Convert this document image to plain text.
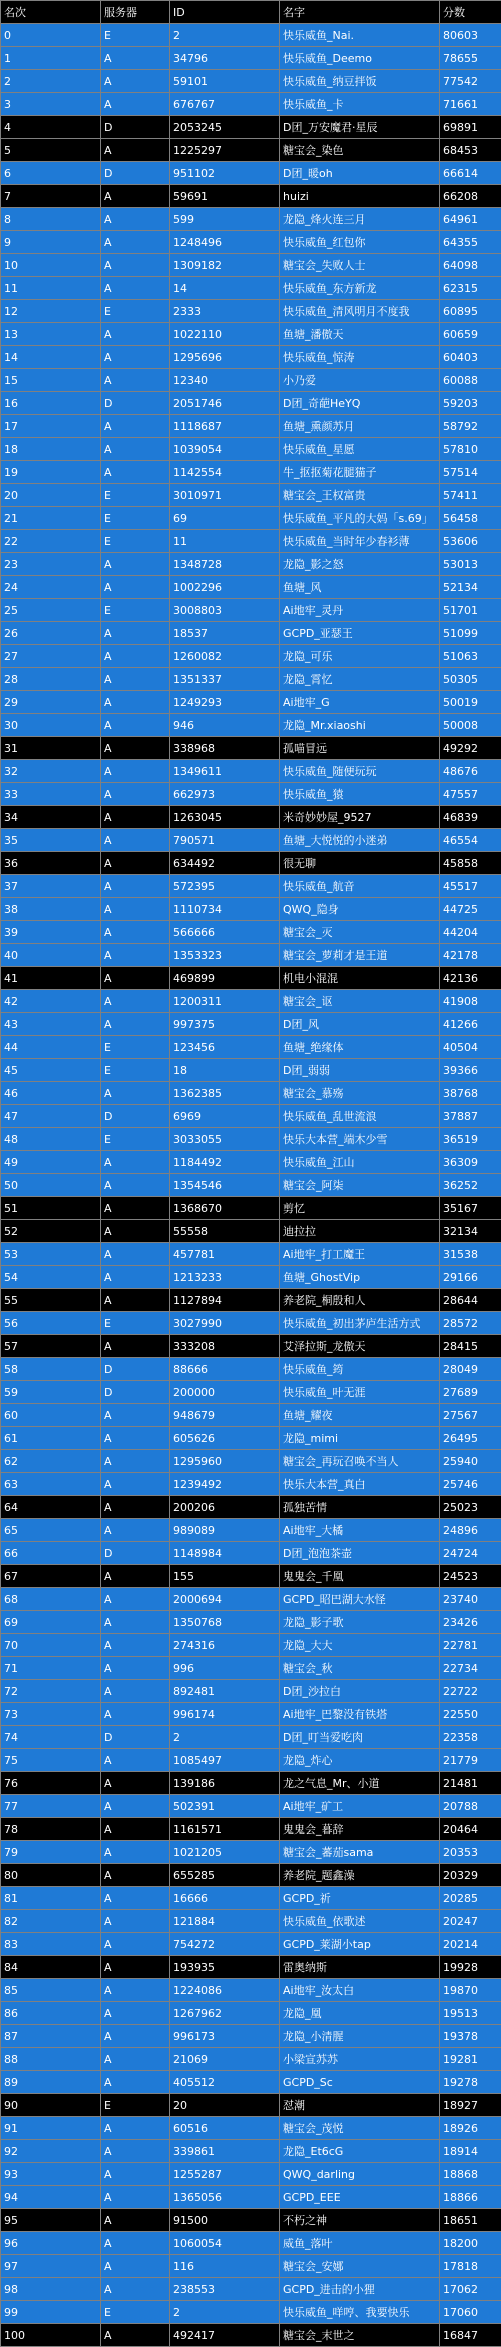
名次	服务器	ID	名字	分数
0	E	2	快乐威鱼_Nai.	80603
1	A	34796	快乐威鱼_Deemo	78655
2	A	59101	快乐威鱼_纳豆拌饭	77542
3	A	676767	快乐威鱼_卡	71661
4	D	2053245	D团_万安魔君·星辰	69891
5	A	1225297	糖宝会_染色	68453
6	D	951102	D团_暖oh	66614
7	A	59691	huizi	66208
8	A	599	龙隐_烽火连三月	64961
9	A	1248496	快乐威鱼_红包你	64355
10	A	1309182	糖宝会_失败人士	64098
11	A	14	快乐威鱼_东方新龙	62315
12	E	2333	快乐威鱼_清风明月不度我	60895
13	A	1022110	鱼塘_潘傲天	60659
14	A	1295696	快乐威鱼_惊涛	60403
15	A	12340	小乃爱	60088
16	D	2051746	D团_奇葩HeYQ	59203
17	A	1118687	鱼塘_熏颜苏月	58792
18	A	1039054	快乐威鱼_星愿	57810
19	A	1142554	牛_抠抠菊花腿猫子	57514
20	E	3010971	糖宝会_王权富贵	57411
21	E	69	快乐威鱼_平凡的大妈「s.69」	56458
22	E	11	快乐威鱼_当时年少春衫薄	53606
23	A	1348728	龙隐_影之怒	53013
24	A	1002296	鱼塘_风	52134
25	E	3008803	Ai地牢_灵丹	51701
26	A	18537	GCPD_亚瑟王	51099
27	A	1260082	龙隐_可乐	51063
28	A	1351337	龙隐_霄忆	50305
29	A	1249293	Ai地牢_G	50019
30	A	946	龙隐_Mr.xiaoshi	50008
31	A	338968	孤喵冒远	49292
32	A	1349611	快乐威鱼_随便玩玩	48676
33	A	662973	快乐威鱼_猿	47557
34	A	1263045	米奇妙妙屋_9527	46839
35	A	790571	鱼塘_大悦悦的小迷弟	46554
36	A	634492	很无聊	45858
37	A	572395	快乐威鱼_航音	45517
38	A	1110734	QWQ_隐身	44725
39	A	566666	糖宝会_灭	44204
40	A	1353323	糖宝会_萝莉才是王道	42178
41	A	469899	机电小混混	42136
42	A	1200311	糖宝会_讴	41908
43	A	997375	D团_风	41266
44	E	123456	鱼塘_绝缘体	40504
45	E	18	D团_弱弱	39366
46	A	1362385	糖宝会_慕殇	38768
47	D	6969	快乐威鱼_乱世流浪	37887
48	E	3033055	快乐大本营_端木少雪	36519
49	A	1184492	快乐威鱼_江山	36309
50	A	1354546	糖宝会_阿柒	36252
51	A	1368670	剪忆	35167
52	A	55558	迪拉拉	32134
53	A	457781	Ai地牢_打工魔王	31538
54	A	1213233	鱼塘_GhostVip	29166
55	A	1127894	养老院_桐殷和人	28644
56	E	3027990	快乐威鱼_初出茅庐生活方式	28572
57	A	333208	艾泽拉斯_龙傲天	28415
58	D	88666	快乐威鱼_筠	28049
59	D	200000	快乐威鱼_叶无涯	27689
60	A	948679	鱼塘_耀夜	27567
61	A	605626	龙隐_mimi	26495
62	A	1295960	糖宝会_再玩召唤不当人	25940
63	A	1239492	快乐大本营_真白	25746
64	A	200206	孤独苦情	25023
65	A	989089	Ai地牢_大橘	24896
66	D	1148984	D团_泡泡茶壶	24724
67	A	155	鬼鬼会_千凰	24523
68	A	2000694	GCPD_昭巴湖大水怪	23740
69	A	1350768	龙隐_影子歌	23426
70	A	274316	龙隐_大大	22781
71	A	996	糖宝会_秋	22734
72	A	892481	D团_沙拉白	22722
73	A	996174	Ai地牢_巴黎没有铁塔	22550
74	D	2	D团_叮当爱吃肉	22358
75	A	1085497	龙隐_炸心	21779
76	A	139186	龙之气息_Mr、小道	21481
77	A	502391	Ai地牢_矿工	20788
78	A	1161571	鬼鬼会_暮辞	20464
79	A	1021205	糖宝会_蕃茄sama	20353
80	A	655285	养老院_题鑫澡	20329
81	A	16666	GCPD_祈	20285
82	A	121884	快乐威鱼_依歌述	20247
83	A	754272	GCPD_莱湖小tap	20214
84	A	193935	雷奥纳斯	19928
85	A	1224086	Ai地牢_汝太白	19870
86	A	1267962	龙隐_凰	19513
87	A	996173	龙隐_小清腥	19378
88	A	21069	小梁宣苏苏	19281
89	A	405512	GCPD_Sc	19278
90	E	20	怼潮	18927
91	A	60516	糖宝会_茂悦	18926
92	A	339861	龙隐_Et6cG	18914
93	A	1255287	QWQ_darling	18868
94	A	1365056	GCPD_EEE	18866
95	A	91500	不朽之神	18651
96	A	1060054	威鱼_落叶	18200
97	A	116	糖宝会_安娜	17818
98	A	238553	GCPD_进击的小狸	17062
99	E	2	快乐威鱼_咩哼、我要快乐	17060
100	A	492417	糖宝会_末世之	16847
